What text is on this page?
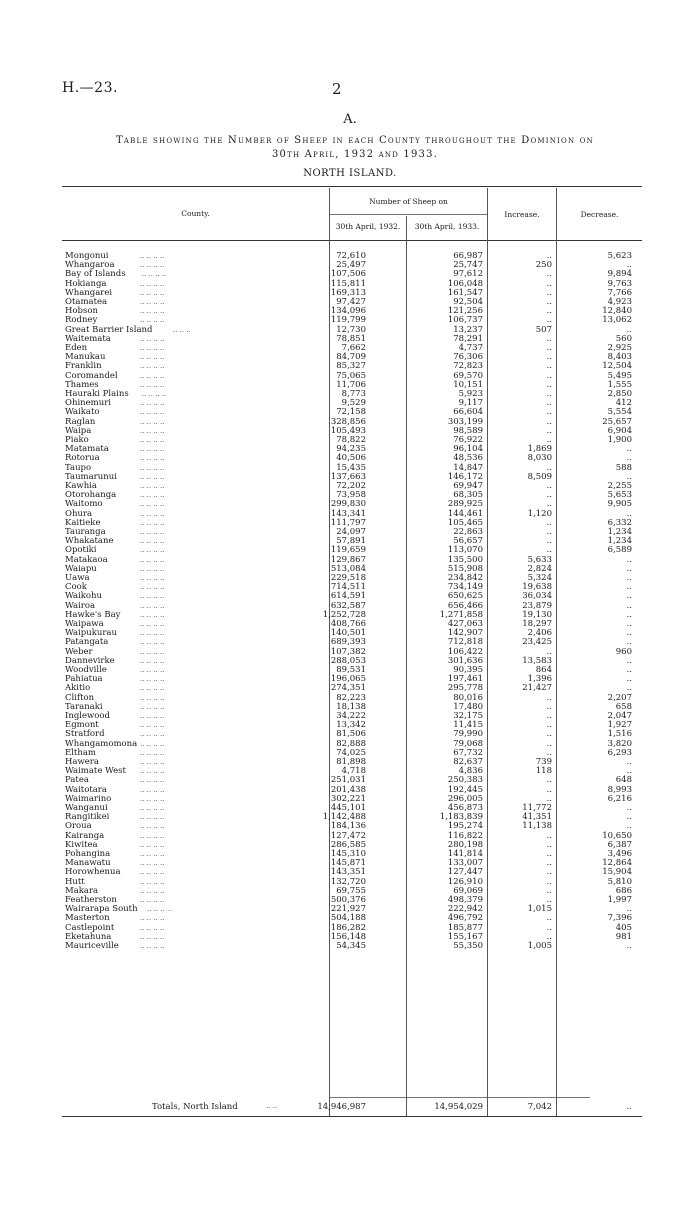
H.—23.	2
A.
Table showing the Number of Sheep in each County throughout the Dominion on
30th April, 1932 and 1933.
NORTH ISLAND.
County.
Number of Sheep on
30th April, 1932.	30th April, 1933.
Increase.	Decrease.
Mongonui	72,610	66,987	..	5,623
.. .. .. ..
Whangaroa	25,497	25,747	250	..
.. .. .. ..
Bay of Islands	107,506	97,612	..	9,894
.. .. .. ..
Hokianga	115,811	106,048	..	9,763
.. .. .. ..
Whangarei	169,313	161,547	..	7,766
.. .. .. ..
Otamatea	97,427	92,504	..	4,923
.. .. .. ..
Hobson	134,096	121,256	..	12,840
.. .. .. ..
Rodney	119,799	106,737	..	13,062
.. .. .. ..
Great Barrier Island	12,730	13,237	507	..
.. .. ..
Waitemata	78,851	78,291	..	560
.. .. .. ..
Eden	7,662	4,737	..	2,925
.. .. .. ..
Manukau	84,709	76,306	..	8,403
.. .. .. ..
Franklin	85,327	72,823	..	12,504
.. .. .. ..
Coromandel	75,065	69,570	..	5,495
.. .. .. ..
Thames	11,706	10,151	..	1,555
.. .. .. ..
Hauraki Plains	8,773	5,923	..	2,850
.. .. .. ..
Ohinemuri	9,529	9,117	..	412
.. .. .. ..
Waikato	72,158	66,604	..	5,554
.. .. .. ..
Raglan	328,856	303,199	..	25,657
.. .. .. ..
Waipa	105,493	98,589	..	6,904
.. .. .. ..
Piako	78,822	76,922	..	1,900
.. .. .. ..
Matamata	94,235	96,104	1,869	..
.. .. .. ..
Rotorua	40,506	48,536	8,030	..
.. .. .. ..
Taupo	15,435	14,847	..	588
.. .. .. ..
Taumarunui	137,663	146,172	8,509	..
.. .. .. ..
Kawhia	72,202	69,947	..	2,255
.. .. .. ..
Otorohanga	73,958	68,305	..	5,653
.. .. .. ..
Waitomo	299,830	289,925	..	9,905
.. .. .. ..
Ohura	143,341	144,461	1,120	..
.. .. .. ..
Kaitieke	111,797	105,465	..	6,332
.. .. .. ..
Tauranga	24,097	22,863	..	1,234
.. .. .. ..
Whakatane	57,891	56,657	..	1,234
.. .. .. ..
Opotiki	119,659	113,070	..	6,589
.. .. .. ..
Matakaoa	129,867	135,500	5,633	..
.. .. .. ..
Waiapu	513,084	515,908	2,824	..
.. .. .. ..
Uawa	229,518	234,842	5,324	..
.. .. .. ..
Cook	714,511	734,149	19,638	..
.. .. .. ..
Waikohu	614,591	650,625	36,034	..
.. .. .. ..
Wairoa	632,587	656,466	23,879	..
.. .. .. ..
Hawke's Bay	1,252,728	1,271,858	19,130	..
.. .. .. ..
Waipawa	408,766	427,063	18,297	..
.. .. .. ..
Waipukurau	140,501	142,907	2,406	..
.. .. .. ..
Patangata	689,393	712,818	23,425	..
.. .. .. ..
Weber	107,382	106,422	..	960
.. .. .. ..
Dannevirke	288,053	301,636	13,583	..
.. .. .. ..
Woodville	89,531	90,395	864	..
.. .. .. ..
Pahiatua	196,065	197,461	1,396	..
.. .. .. ..
Akitio	274,351	295,778	21,427	..
.. .. .. ..
Clifton	82,223	80,016	..	2,207
.. .. .. ..
Taranaki	18,138	17,480	..	658
.. .. .. ..
Inglewood	34,222	32,175	..	2,047
.. .. .. ..
Egmont	13,342	11,415	..	1,927
.. .. .. ..
Stratford	81,506	79,990	..	1,516
.. .. .. ..
Whangamomona	82,888	79,068	..	3,820
.. .. .. ..
Eltham	74,025	67,732	..	6,293
.. .. .. ..
Hawera	81,898	82,637	739	..
.. .. .. ..
Waimate West	4,718	4,836	118	..
.. .. .. ..
Patea	251,031	250,383	..	648
.. .. .. ..
Waitotara	201,438	192,445	..	8,993
.. .. .. ..
Waimarino	302,221	296,005	..	6,216
.. .. .. ..
Wanganui	445,101	456,873	11,772	..
.. .. .. ..
Rangitikei	1,142,488	1,183,839	41,351	..
.. .. .. ..
Oroua	184,136	195,274	11,138	..
.. .. .. ..
Kairanga	127,472	116,822	..	10,650
.. .. .. ..
Kiwitea	286,585	280,198	..	6,387
.. .. .. ..
Pohangina	145,310	141,814	..	3,496
.. .. .. ..
Manawatu	145,871	133,007	..	12,864
.. .. .. ..
Horowhenua	143,351	127,447	..	15,904
.. .. .. ..
Hutt	132,720	126,910	..	5,810
.. .. .. ..
Makara	69,755	69,069	..	686
.. .. .. ..
Featherston	500,376	498,379	..	1,997
.. .. .. ..
Wairarapa South	221,927	222,942	1,015	..
.. .. .. ..
Masterton	504,188	496,792	..	7,396
.. .. .. ..
Castlepoint	186,282	185,877	..	405
.. .. .. ..
Eketahuna	156,148	155,167	..	981
.. .. .. ..
Mauriceville	54,345	55,350	1,005	..
.. .. .. ..
Totals, North Island	.. ..	14,946,987	14,954,029	7,042	..
